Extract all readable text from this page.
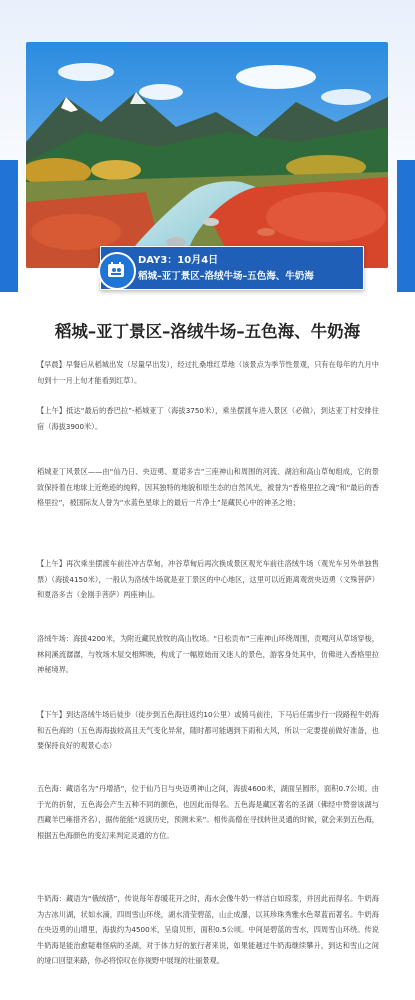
DAY3：10月4日
稻城–亚丁景区–洛绒牛场–五色海、牛奶海
稻城–亚丁景区–洛绒牛场–五色海、牛奶海
【早晨】早餐后从稻城出发（尽量早出发），经过扎桑堆红草地（该景点为季节性景观，只有在每年的九月中旬到十一月上旬才能看到红草）。
【上午】抵达“最后的香巴拉”-稻城亚丁（海拔3750米），乘坐摆渡车进入景区（必做），到达亚丁村安排住宿（海拔3900米）。
稻城亚丁风景区——由“仙乃日、央迈勇、夏诺多吉”三座神山和周围的河流、湖泊和高山草甸组成，它的景致保持着在地球上近绝迹的纯粹，因其独特的地貌和原生态的自然风光，被誉为“香格里拉之魂”和“最后的香格里拉”，被国际友人誉为“水蓝色星球上的最后一片净土”是藏民心中的神圣之地；
【上午】再次乘坐摆渡车前往冲古草甸，冲谷草甸后再次换成景区观光车前往洛绒牛场（观光车另外单独售票）（海拔4150米），一般认为洛绒牛场就是亚丁景区的中心地区，这里可以近距离观赏央迈勇（文殊菩萨）和夏洛多吉（金刚手菩萨）两座神山。
洛绒牛场：海拔4200米，为附近藏民放牧的高山牧场。“日松贡布”三座神山环绕周围，贡嘎河从草场穿梭，林间溪流潺潺，与牧场木屋交相辉映，构成了一幅原始而又迷人的景色，游客身处其中，仿佛进入香格里拉神秘境界。
【下午】到达洛绒牛场后徒步（徒步到五色海往返约10公里）或骑马前往，下马后任需步行一段路程牛奶海和五色海的（五色海海拔较高且天气变化异常，随时都可能遇到下雨和大风，所以一定要提前做好准备，也要保持良好的观景心态）
五色海：藏语名为“丹增措”，位于仙乃日与央迈勇神山之间，海拔4600米，湖面呈圆形，面积0.7公顷。由于光的折射，五色海会产生五种不同的颜色，也因此而得名。五色海是藏区著名的圣湖（佛经中赞誉该湖与西藏羊巴雍措齐名），据传能能“返演历史，预测未来”。相传高僧在寻找转世灵通的时候，就会来到五色海，根据五色海颜色的变幻来判定灵通的方位。
牛奶海：藏语为“俄绒措”，传说每年春暖花开之时，海水会像牛奶一样洁白如琼浆，并因此而得名。牛奶海为古冰川湖，状如水滴，四周雪山环绕，湖水清莹碧蓝，山止成瀑，以其珍珠秀雅水色翠蓝而著名。牛奶海在央迈勇的山增里，海拔约为4500米，呈扇贝形，面积0.5公顷。中间是碧蓝的雪水，四周雪山环绕。传说牛奶海是能治愈疑难怪病的圣湖，对于体力好的旅行者来说，如果能越过牛奶海继续攀升，到达和雪山之间的垭口回望来路，你必将惊叹在你视野中展现的壮丽景观。
